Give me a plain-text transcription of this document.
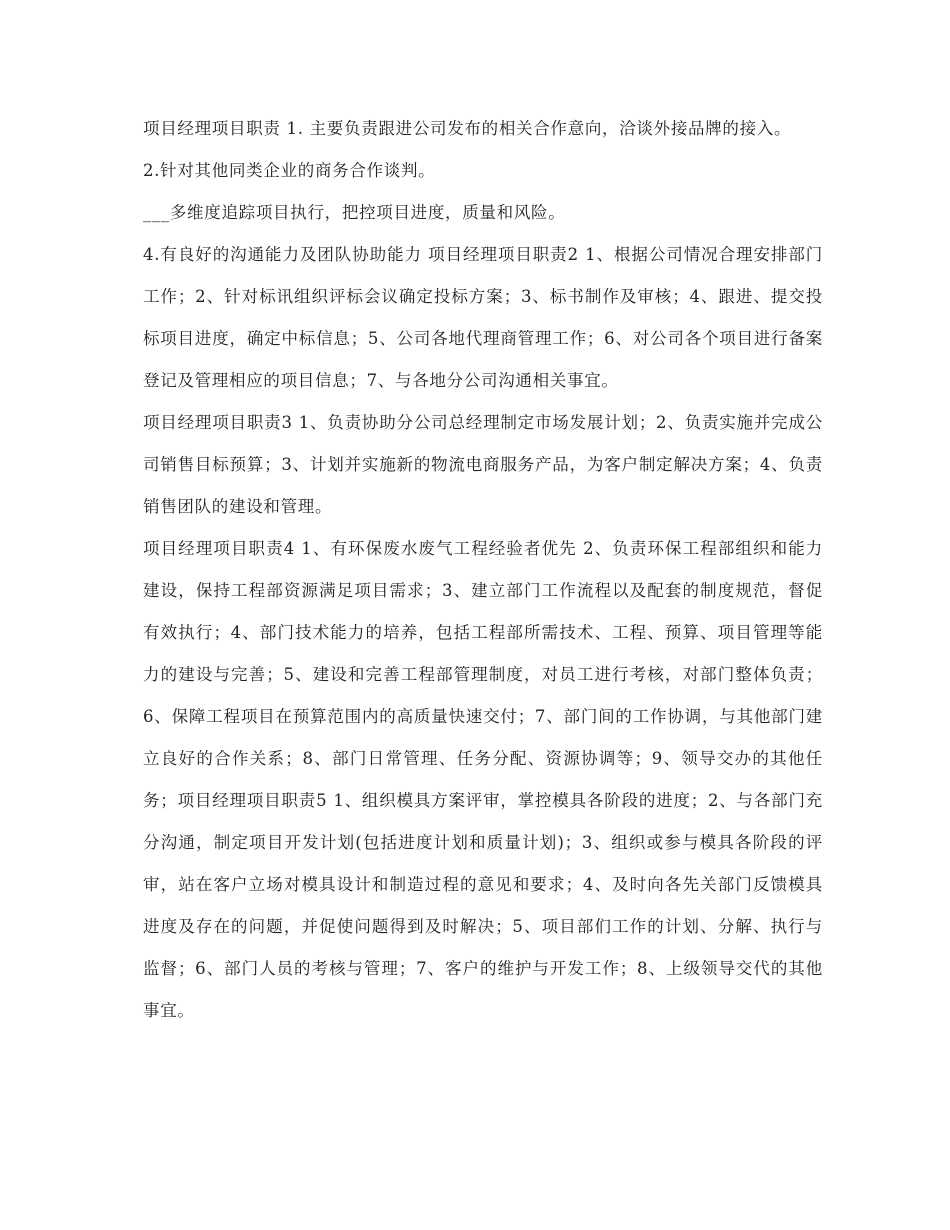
项目经理项目职责 1. 主要负责跟进公司发布的相关合作意向，洽谈外接品牌的接入。

2.针对其他同类企业的商务合作谈判。

___多维度追踪项目执行，把控项目进度，质量和风险。

4.有良好的沟通能力及团队协助能力 项目经理项目职责2 1、根据公司情况合理安排部门工作；2、针对标讯组织评标会议确定投标方案；3、标书制作及审核；4、跟进、提交投标项目进度，确定中标信息；5、公司各地代理商管理工作；6、对公司各个项目进行备案登记及管理相应的项目信息；7、与各地分公司沟通相关事宜。

项目经理项目职责3 1、负责协助分公司总经理制定市场发展计划；2、负责实施并完成公司销售目标预算；3、计划并实施新的物流电商服务产品，为客户制定解决方案；4、负责销售团队的建设和管理。

项目经理项目职责4 1、有环保废水废气工程经验者优先 2、负责环保工程部组织和能力建设，保持工程部资源满足项目需求；3、建立部门工作流程以及配套的制度规范，督促有效执行；4、部门技术能力的培养，包括工程部所需技术、工程、预算、项目管理等能力的建设与完善；5、建设和完善工程部管理制度，对员工进行考核，对部门整体负责；6、保障工程项目在预算范围内的高质量快速交付；7、部门间的工作协调，与其他部门建立良好的合作关系；8、部门日常管理、任务分配、资源协调等；9、领导交办的其他任务；项目经理项目职责5 1、组织模具方案评审，掌控模具各阶段的进度；2、与各部门充分沟通，制定项目开发计划(包括进度计划和质量计划)；3、组织或参与模具各阶段的评审，站在客户立场对模具设计和制造过程的意见和要求；4、及时向各先关部门反馈模具进度及存在的问题，并促使问题得到及时解决；5、项目部们工作的计划、分解、执行与监督；6、部门人员的考核与管理；7、客户的维护与开发工作；8、上级领导交代的其他事宜。
